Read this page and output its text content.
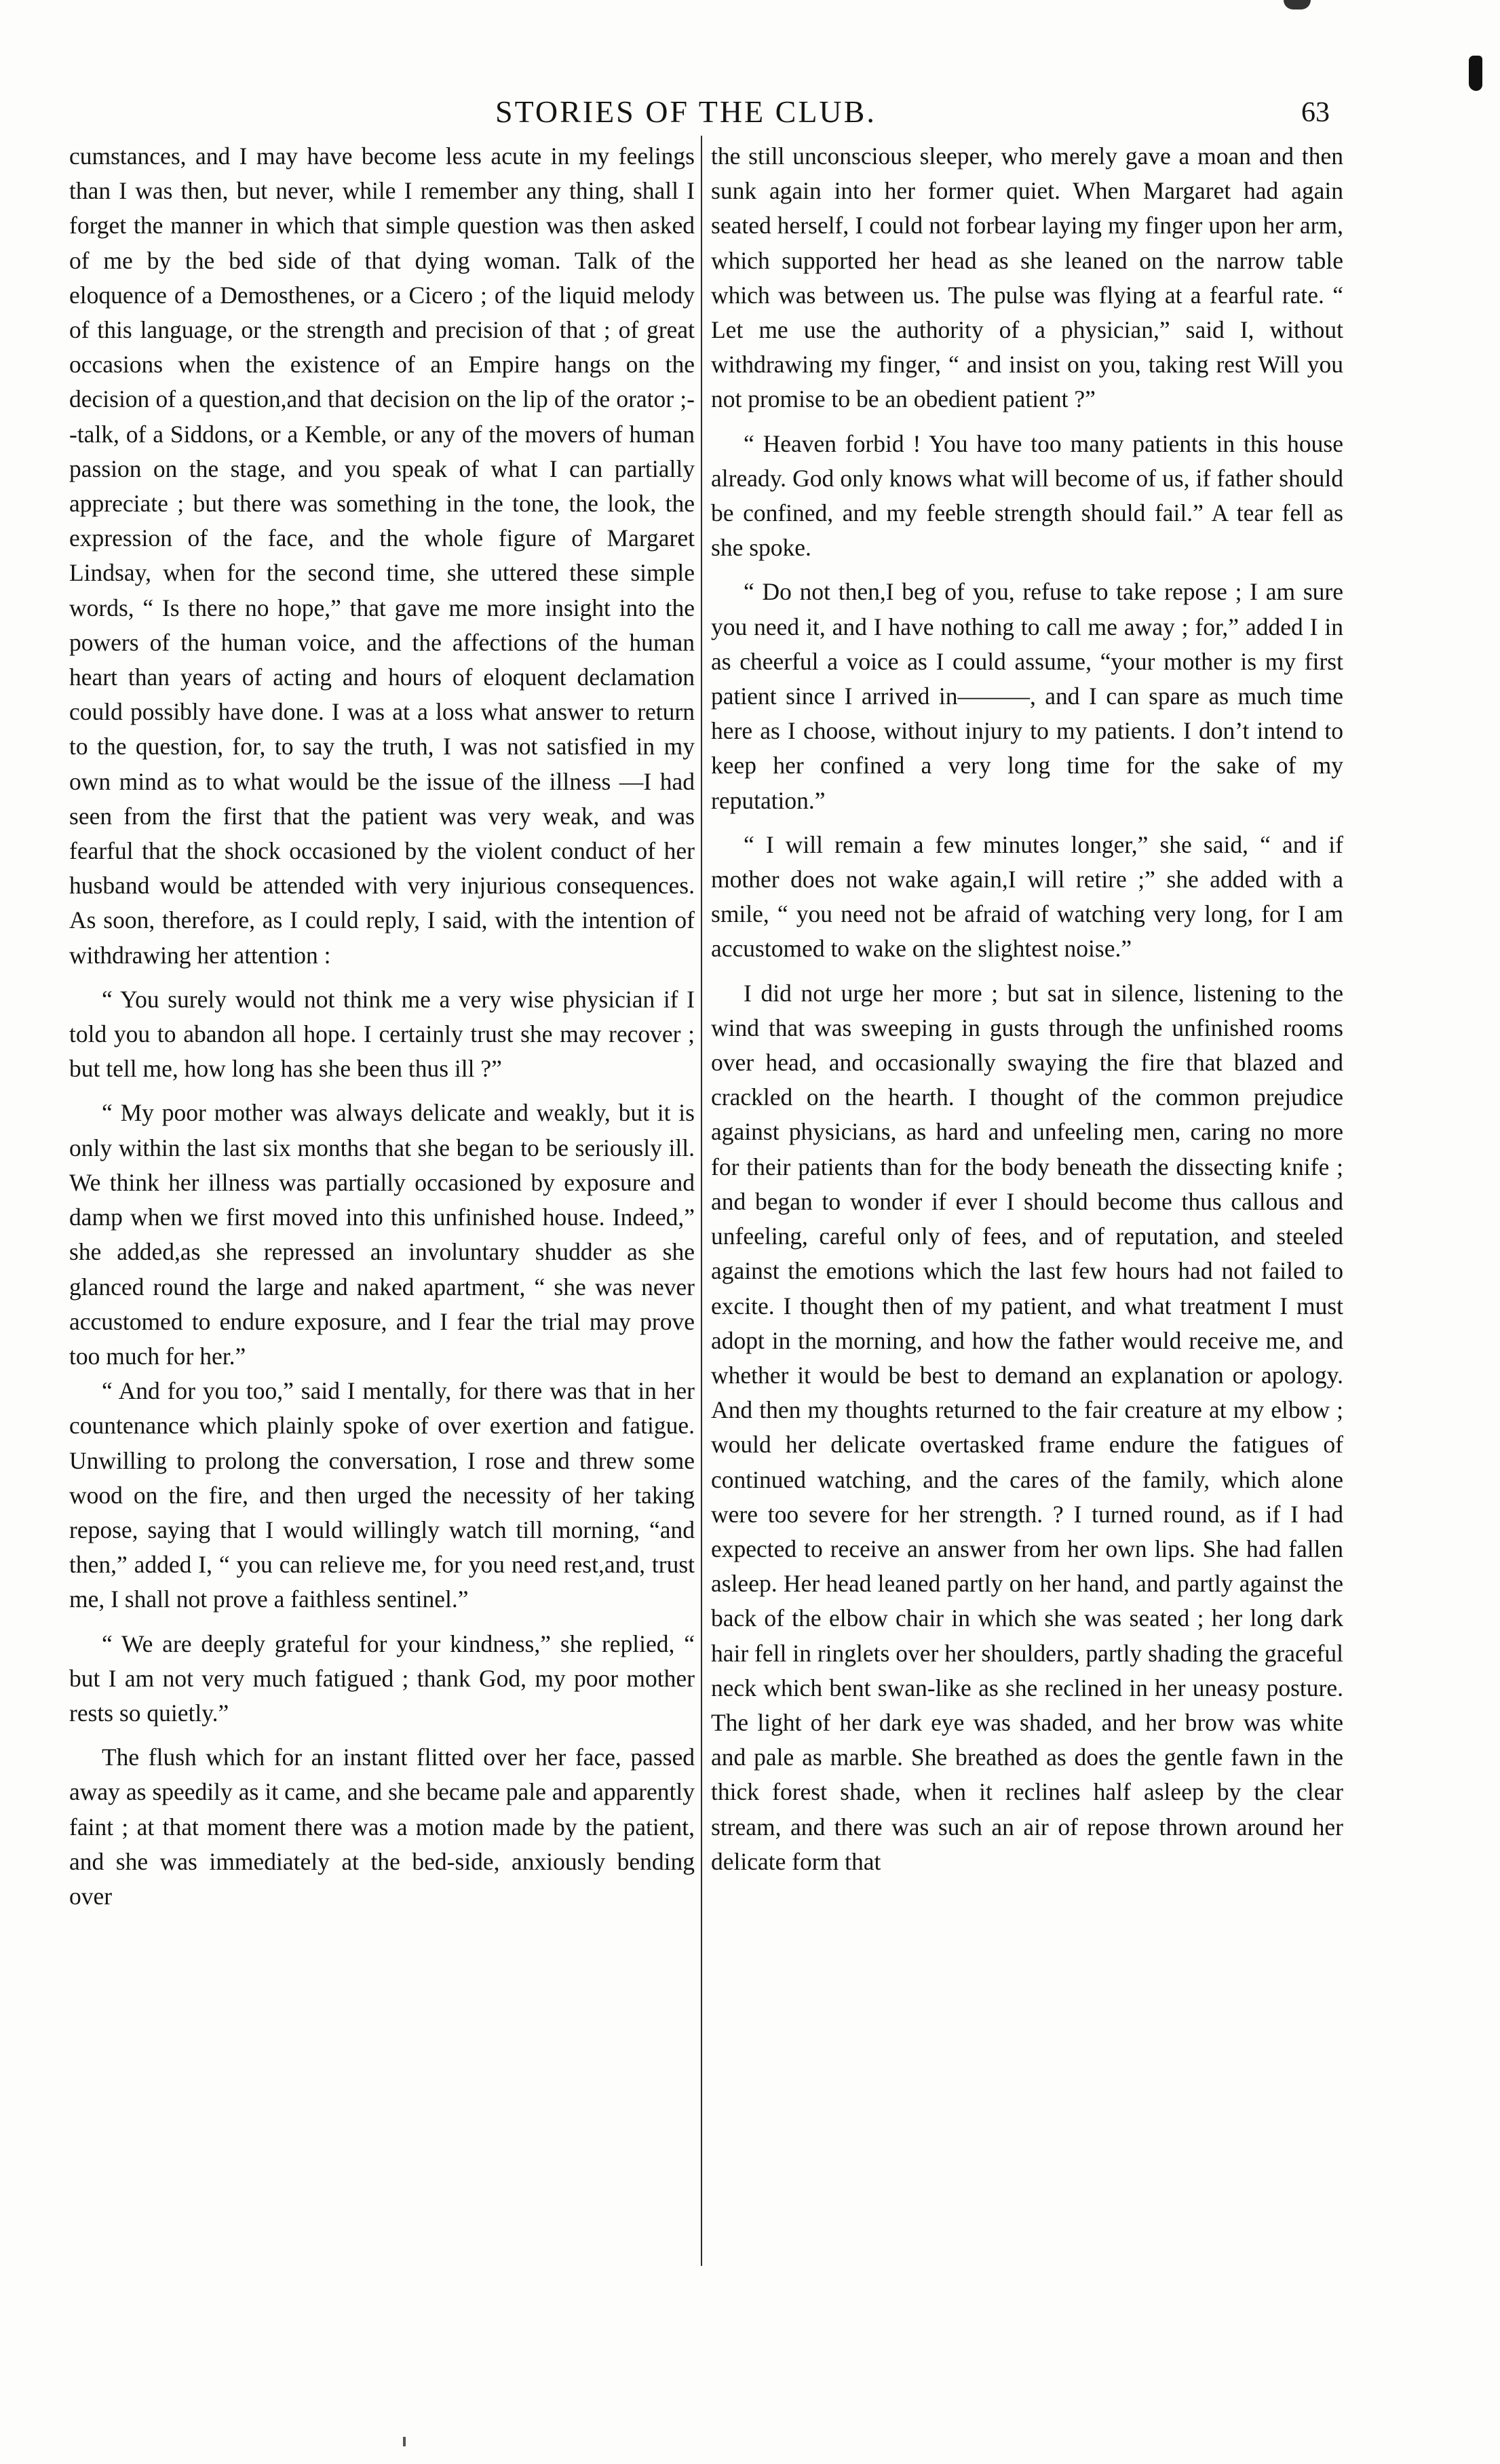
STORIES OF THE CLUB.	63

cumstances, and I may have become less acute in my feelings than I was then, but never, while I remember any thing, shall I forget the manner in which that simple question was then asked of me by the bed side of that dying woman. Talk of the eloquence of a Demosthenes, or a Cicero ; of the liquid melody of this language, or the strength and precision of that ; of great occasions when the existence of an Empire hangs on the decision of a question,and that decision on the lip of the orator ;--talk, of a Siddons, or a Kemble, or any of the movers of human passion on the stage, and you speak of what I can partially appreciate ; but there was something in the tone, the look, the expression of the face, and the whole figure of Margaret Lindsay, when for the second time, she uttered these simple words, “ Is there no hope,” that gave me more insight into the powers of the human voice, and the affections of the human heart than years of acting and hours of eloquent declamation could possibly have done. I was at a loss what answer to return to the question, for, to say the truth, I was not satisfied in my own mind as to what would be the issue of the illness —I had seen from the first that the patient was very weak, and was fearful that the shock occasioned by the violent conduct of her husband would be attended with very injurious consequences. As soon, therefore, as I could reply, I said, with the intention of withdrawing her attention :

“ You surely would not think me a very wise physician if I told you to abandon all hope. I certainly trust she may recover ; but tell me, how long has she been thus ill ?”

“ My poor mother was always delicate and weakly, but it is only within the last six months that she began to be seriously ill. We think her illness was partially occasioned by exposure and damp when we first moved into this unfinished house. Indeed,” she added,as she repressed an involuntary shudder as she glanced round the large and naked apartment, “ she was never accustomed to endure exposure, and I fear the trial may prove too much for her.”

“ And for you too,” said I mentally, for there was that in her countenance which plainly spoke of over exertion and fatigue. Unwilling to prolong the conversation, I rose and threw some wood on the fire, and then urged the necessity of her taking repose, saying that I would willingly watch till morning, “and then,” added I, “ you can relieve me, for you need rest,and, trust me, I shall not prove a faithless sentinel.”

“ We are deeply grateful for your kindness,” she replied, “ but I am not very much fatigued ; thank God, my poor mother rests so quietly.”

The flush which for an instant flitted over her face, passed away as speedily as it came, and she became pale and apparently faint ; at that moment there was a motion made by the patient, and she was immediately at the bed-side, anxiously bending over

the still unconscious sleeper, who merely gave a moan and then sunk again into her former quiet. When Margaret had again seated herself, I could not forbear laying my finger upon her arm, which supported her head as she leaned on the narrow table which was between us. The pulse was flying at a fearful rate. “ Let me use the authority of a physician,” said I, without withdrawing my finger, “ and insist on you, taking rest Will you not promise to be an obedient patient ?”

“ Heaven forbid ! You have too many patients in this house already. God only knows what will become of us, if father should be confined, and my feeble strength should fail.” A tear fell as she spoke.

“ Do not then,I beg of you, refuse to take repose ; I am sure you need it, and I have nothing to call me away ; for,” added I in as cheerful a voice as I could assume, “your mother is my first patient since I arrived in———, and I can spare as much time here as I choose, without injury to my patients. I don’t intend to keep her confined a very long time for the sake of my reputation.”

“ I will remain a few minutes longer,” she said, “ and if mother does not wake again,I will retire ;” she added with a smile, “ you need not be afraid of watching very long, for I am accustomed to wake on the slightest noise.”

I did not urge her more ; but sat in silence, listening to the wind that was sweeping in gusts through the unfinished rooms over head, and occasionally swaying the fire that blazed and crackled on the hearth. I thought of the common prejudice against physicians, as hard and unfeeling men, caring no more for their patients than for the body beneath the dissecting knife ; and began to wonder if ever I should become thus callous and unfeeling, careful only of fees, and of reputation, and steeled against the emotions which the last few hours had not failed to excite. I thought then of my patient, and what treatment I must adopt in the morning, and how the father would receive me, and whether it would be best to demand an explanation or apology. And then my thoughts returned to the fair creature at my elbow ; would her delicate overtasked frame endure the fatigues of continued watching, and the cares of the family, which alone were too severe for her strength. ? I turned round, as if I had expected to receive an answer from her own lips. She had fallen asleep. Her head leaned partly on her hand, and partly against the back of the elbow chair in which she was seated ; her long dark hair fell in ringlets over her shoulders, partly shading the graceful neck which bent swan-like as she reclined in her uneasy posture. The light of her dark eye was shaded, and her brow was white and pale as marble. She breathed as does the gentle fawn in the thick forest shade, when it reclines half asleep by the clear stream, and there was such an air of repose thrown around her delicate form that
